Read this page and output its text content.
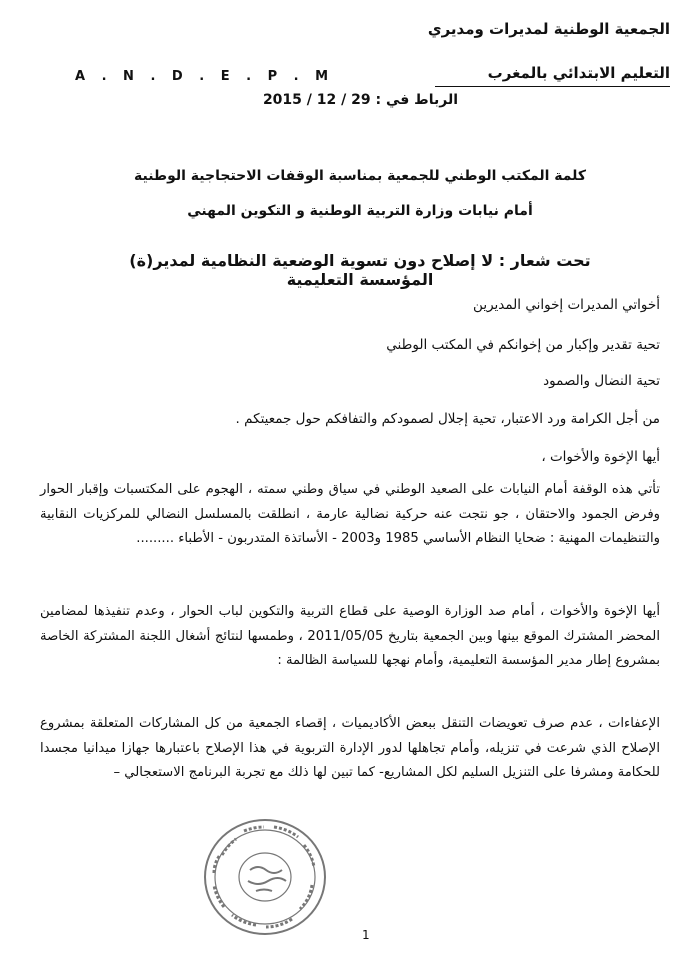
الجمعية الوطنية لمديرات ومديري
التعليم الابتدائي بالمغرب
A . N . D . E . P . M
الرباط في : 29 / 12 / 2015
كلمة المكتب الوطني للجمعية بمناسبة الوقفات الاحتجاجية الوطنية
أمام نيابات وزارة التربية الوطنية و التكوين المهني
تحت شعار : لا إصلاح دون تسوية الوضعية النظامية لمدير(ة) المؤسسة التعليمية
أخواتي المديرات إخواني المديرين
تحية تقدير وإكبار من إخوانكم في المكتب الوطني
تحية النضال والصمود
من أجل الكرامة ورد الاعتبار، تحية إجلال لصمودكم والتفافكم حول جمعيتكم .
أيها الإخوة والأخوات ،
تأتي هذه الوقفة أمام النيابات على الصعيد الوطني في سياق وطني سمته ، الهجوم على المكتسبات وإقبار الحوار وفرض الجمود والاحتقان ، جو نتجت عنه حركية نضالية عارمة ، انطلقت بالمسلسل النضالي للمركزيات النقابية والتنظيمات المهنية : ضحايا النظام الأساسي 1985 و2003 - الأساتذة المتدربون - الأطباء .........
أيها الإخوة والأخوات ، أمام صد الوزارة الوصية على قطاع التربية والتكوين لباب الحوار ، وعدم تنفيذها لمضامين المحضر المشترك الموقع بينها وبين الجمعية بتاريخ 2011/05/05 ، وطمسها لنتائج أشغال اللجنة المشتركة الخاصة بمشروع إطار مدير المؤسسة التعليمية، وأمام نهجها للسياسة الظالمة :
الإعفاءات ، عدم صرف تعويضات التنقل ببعض الأكاديميات ، إقصاء الجمعية من كل المشاركات المتعلقة بمشروع الإصلاح الذي شرعت في تنزيله، وأمام تجاهلها لدور الإدارة التربوية في هذا الإصلاح باعتبارها جهازا ميدانيا مجسدا للحكامة ومشرفا على التنزيل السليم لكل المشاريع- كما تبين لها ذلك مع تجربة البرنامج الاستعجالي –
1
